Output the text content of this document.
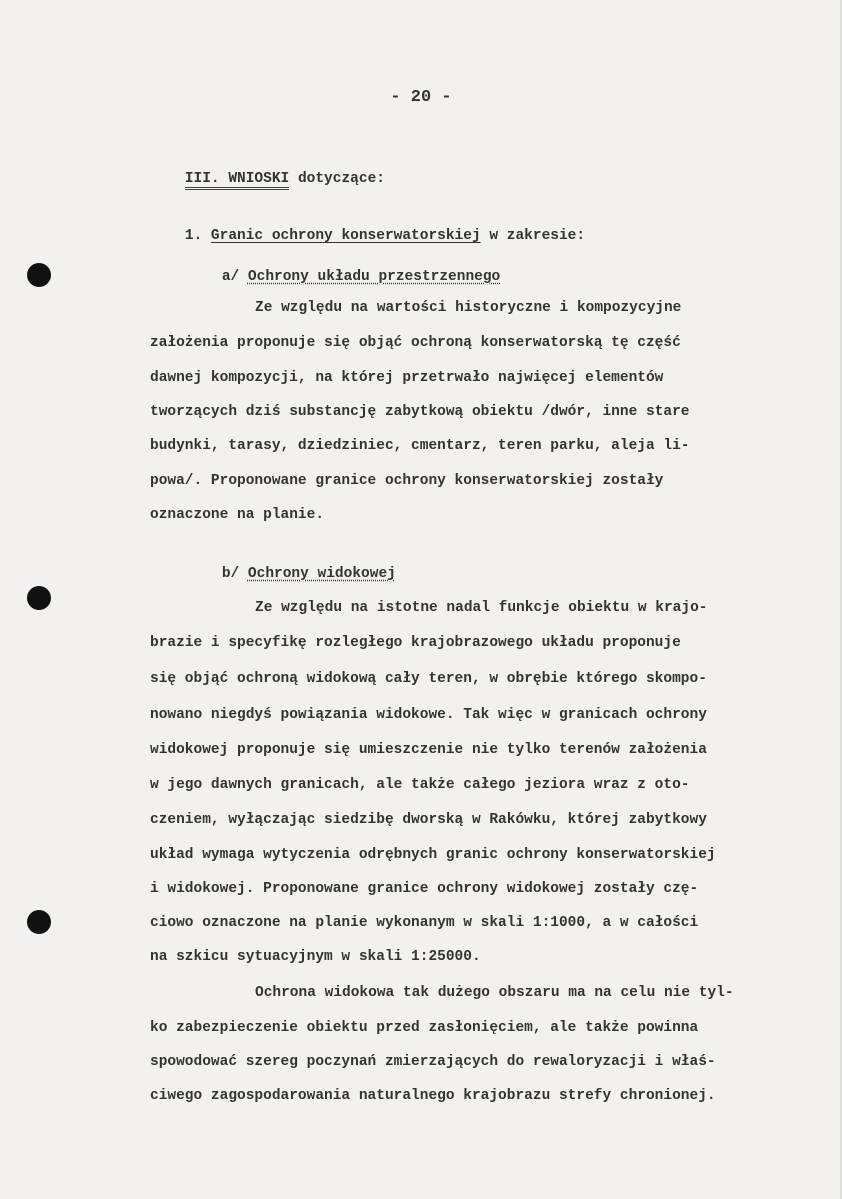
- 20 -

III. WNIOSKI dotyczące:

1. Granic ochrony konserwatorskiej w zakresie:

a/ Ochrony układu przestrzennego

Ze względu na wartości historyczne i kompozycyjne
założenia proponuje się objąć ochroną konserwatorską tę część
dawnej kompozycji, na której przetrwało najwięcej elementów
tworzących dziś substancję zabytkową obiektu /dwór, inne stare
budynki, tarasy, dziedziniec, cmentarz, teren parku, aleja li-
powa/. Proponowane granice ochrony konserwatorskiej zostały
oznaczone na planie.

b/ Ochrony widokowej

Ze względu na istotne nadal funkcje obiektu w krajo-
brazie i specyfikę rozległego krajobrazowego układu proponuje
się objąć ochroną widokową cały teren, w obrębie którego skompo-
nowano niegdyś powiązania widokowe. Tak więc w granicach ochrony
widokowej proponuje się umieszczenie nie tylko terenów założenia
w jego dawnych granicach, ale także całego jeziora wraz z oto-
czeniem, wyłączając siedzibę dworską w Rakówku, której zabytkowy
układ wymaga wytyczenia odrębnych granic ochrony konserwatorskiej
i widokowej. Proponowane granice ochrony widokowej zostały czę-
ciowo oznaczone na planie wykonanym w skali 1:1000, a w całości
na szkicu sytuacyjnym w skali 1:25000.
Ochrona widokowa tak dużego obszaru ma na celu nie tyl-
ko zabezpieczenie obiektu przed zasłonięciem, ale także powinna
spowodować szereg poczynań zmierzających do rewaloryzacji i właś-
ciwego zagospodarowania naturalnego krajobrazu strefy chronionej.
